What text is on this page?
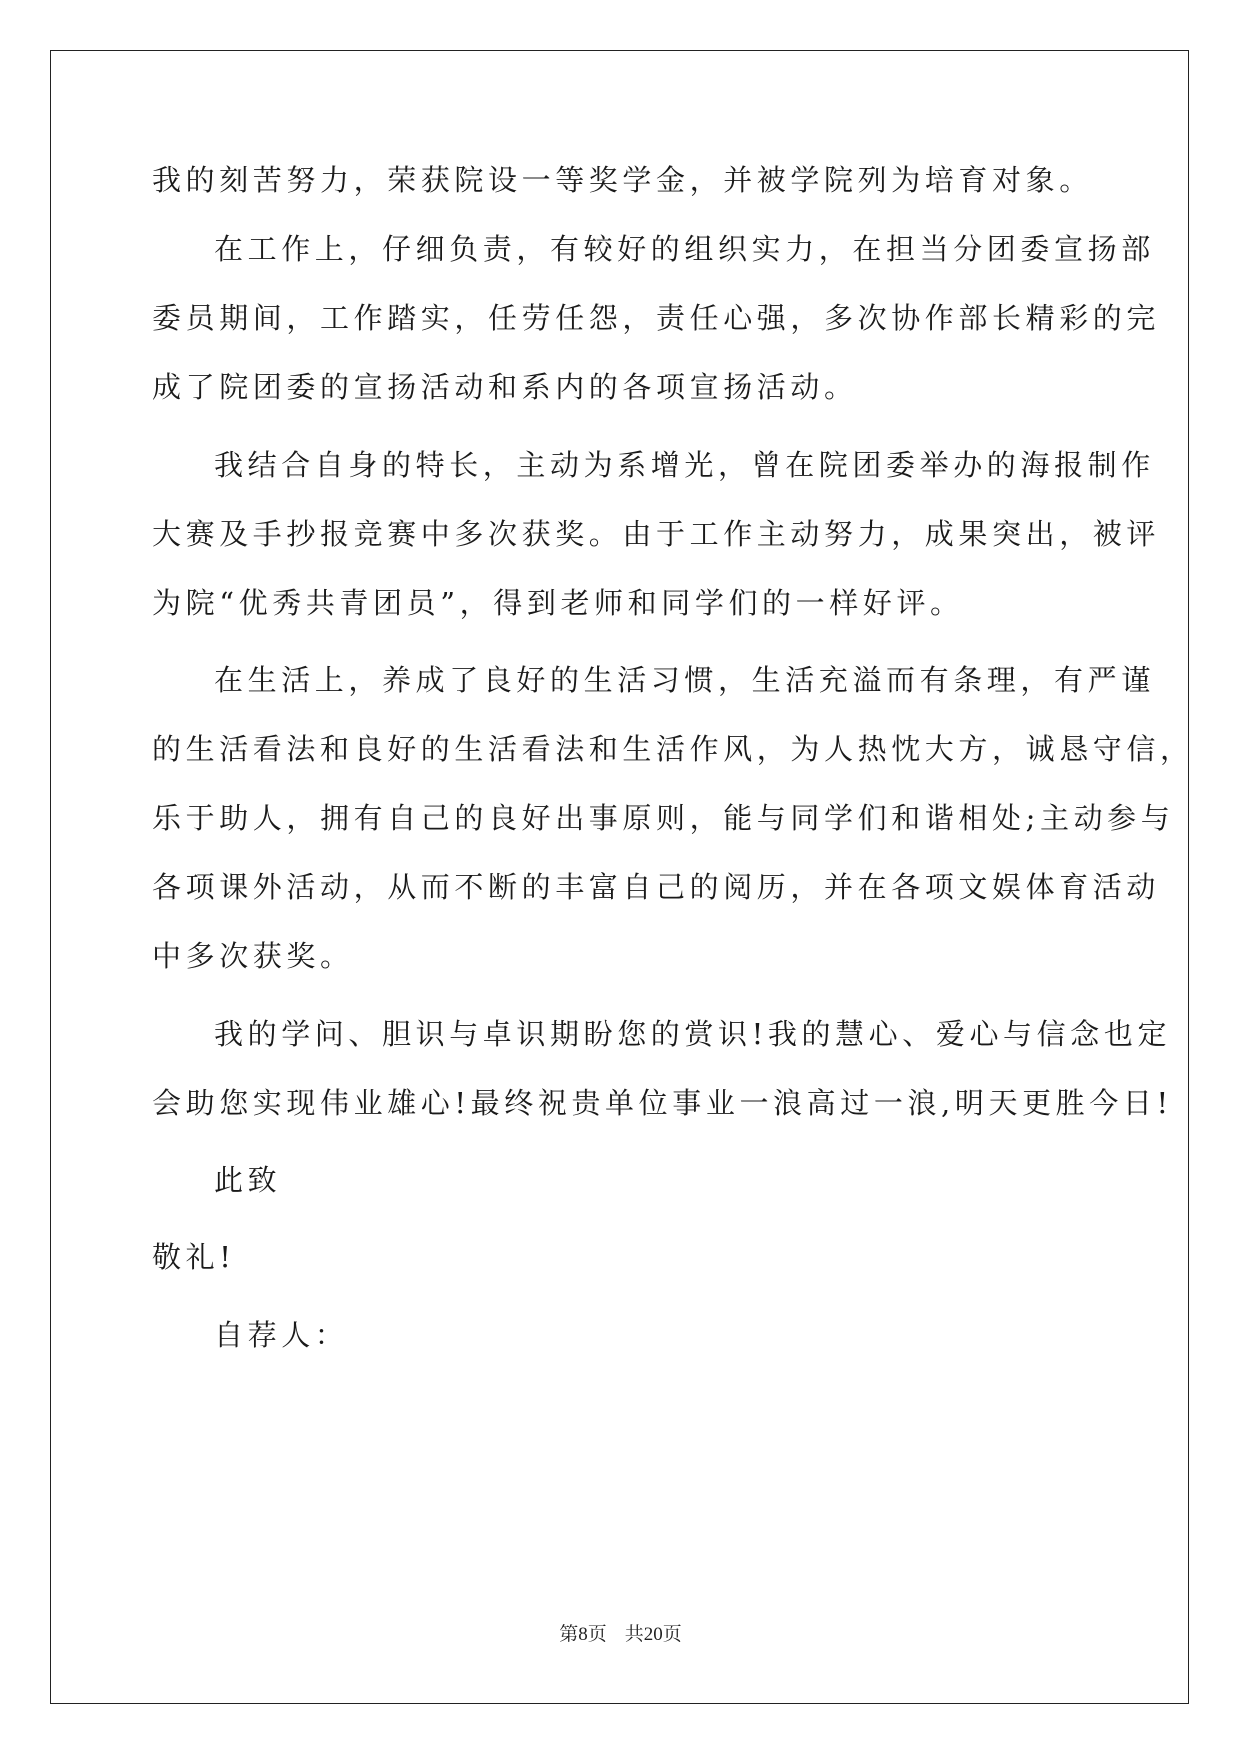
我的刻苦努力，荣获院设一等奖学金，并被学院列为培育对象。
在工作上，仔细负责，有较好的组织实力，在担当分团委宣扬部
委员期间，工作踏实，任劳任怨，责任心强，多次协作部长精彩的完
成了院团委的宣扬活动和系内的各项宣扬活动。
我结合自身的特长，主动为系增光，曾在院团委举办的海报制作
大赛及手抄报竞赛中多次获奖。由于工作主动努力，成果突出，被评
为院“优秀共青团员”，得到老师和同学们的一样好评。
在生活上，养成了良好的生活习惯，生活充溢而有条理，有严谨
的生活看法和良好的生活看法和生活作风，为人热忱大方，诚恳守信，
乐于助人，拥有自己的良好出事原则，能与同学们和谐相处;主动参与
各项课外活动，从而不断的丰富自己的阅历，并在各项文娱体育活动
中多次获奖。
我的学问、胆识与卓识期盼您的赏识!我的慧心、爱心与信念也定
会助您实现伟业雄心!最终祝贵单位事业一浪高过一浪,明天更胜今日!
此致
敬礼!
自荐人：
第8页 共20页
